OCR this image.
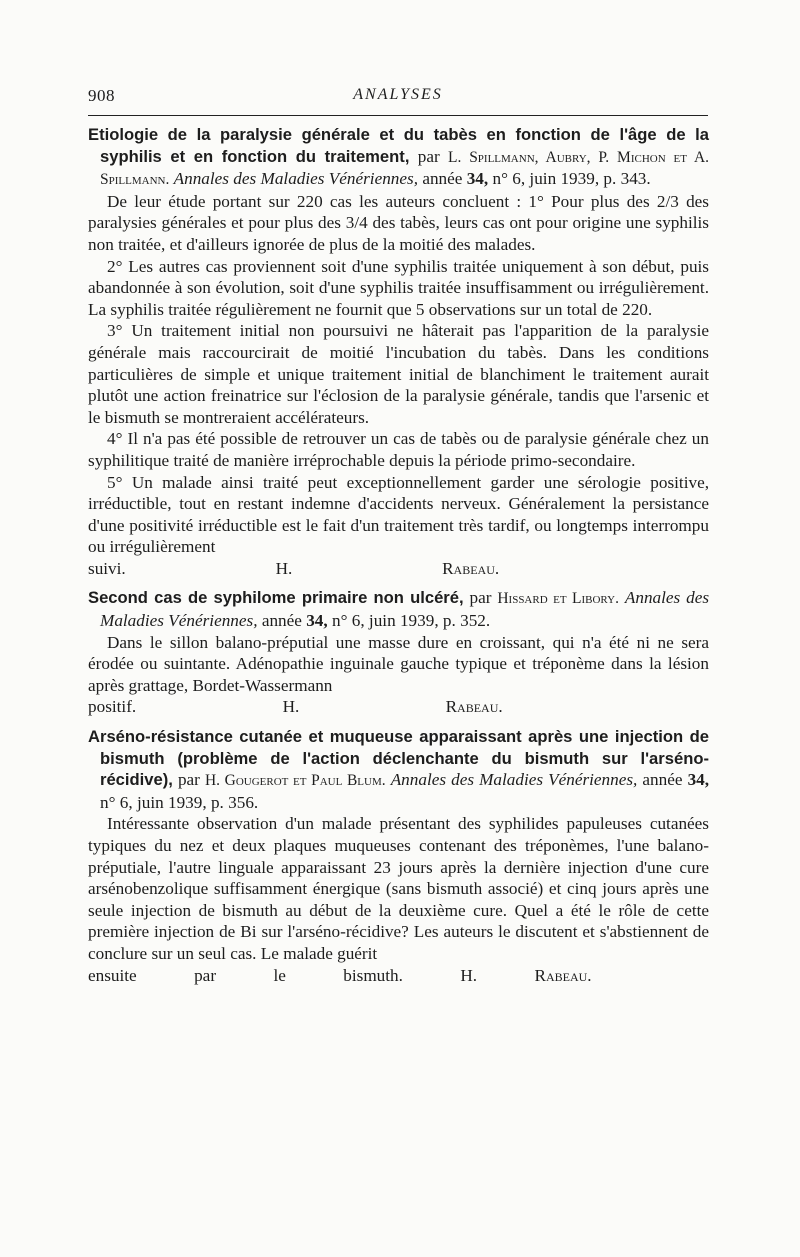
908	ANALYSES

Etiologie de la paralysie générale et du tabès en fonction de l'âge de la syphilis et en fonction du traitement, par L. Spillmann, Aubry, P. Michon et A. Spillmann. Annales des Maladies Vénériennes, année 34, n° 6, juin 1939, p. 343.

De leur étude portant sur 220 cas les auteurs concluent : 1° Pour plus des 2/3 des paralysies générales et pour plus des 3/4 des tabès, leurs cas ont pour origine une syphilis non traitée, et d'ailleurs ignorée de plus de la moitié des malades.

2° Les autres cas proviennent soit d'une syphilis traitée uniquement à son début, puis abandonnée à son évolution, soit d'une syphilis traitée insuffisamment ou irrégulièrement. La syphilis traitée régulièrement ne fournit que 5 observations sur un total de 220.

3° Un traitement initial non poursuivi ne hâterait pas l'apparition de la paralysie générale mais raccourcirait de moitié l'incubation du tabès. Dans les conditions particulières de simple et unique traitement initial de blanchiment le traitement aurait plutôt une action freinatrice sur l'éclosion de la paralysie générale, tandis que l'arsenic et le bismuth se montreraient accélérateurs.

4° Il n'a pas été possible de retrouver un cas de tabès ou de paralysie générale chez un syphilitique traité de manière irréprochable depuis la période primo-secondaire.

5° Un malade ainsi traité peut exceptionnellement garder une sérologie positive, irréductible, tout en restant indemne d'accidents nerveux. Généralement la persistance d'une positivité irréductible est le fait d'un traitement très tardif, ou longtemps interrompu ou irrégulièrement

suivi.	H. Rabeau.

Second cas de syphilome primaire non ulcéré, par Hissard et Libory. Annales des Maladies Vénériennes, année 34, n° 6, juin 1939, p. 352.

Dans le sillon balano-préputial une masse dure en croissant, qui n'a été ni ne sera érodée ou suintante. Adénopathie inguinale gauche typique et tréponème dans la lésion après grattage, Bordet-Wassermann

positif.	H. Rabeau.

Arséno-résistance cutanée et muqueuse apparaissant après une injection de bismuth (problème de l'action déclenchante du bismuth sur l'arséno-récidive), par H. Gougerot et Paul Blum. Annales des Maladies Vénériennes, année 34, n° 6, juin 1939, p. 356.

Intéressante observation d'un malade présentant des syphilides papuleuses cutanées typiques du nez et deux plaques muqueuses contenant des tréponèmes, l'une balano-préputiale, l'autre linguale apparaissant 23 jours après la dernière injection d'une cure arsénobenzolique suffisamment énergique (sans bismuth associé) et cinq jours après une seule injection de bismuth au début de la deuxième cure. Quel a été le rôle de cette première injection de Bi sur l'arséno-récidive? Les auteurs le discutent et s'abstiennent de conclure sur un seul cas. Le malade guérit

ensuite par le bismuth.	H. Rabeau.
